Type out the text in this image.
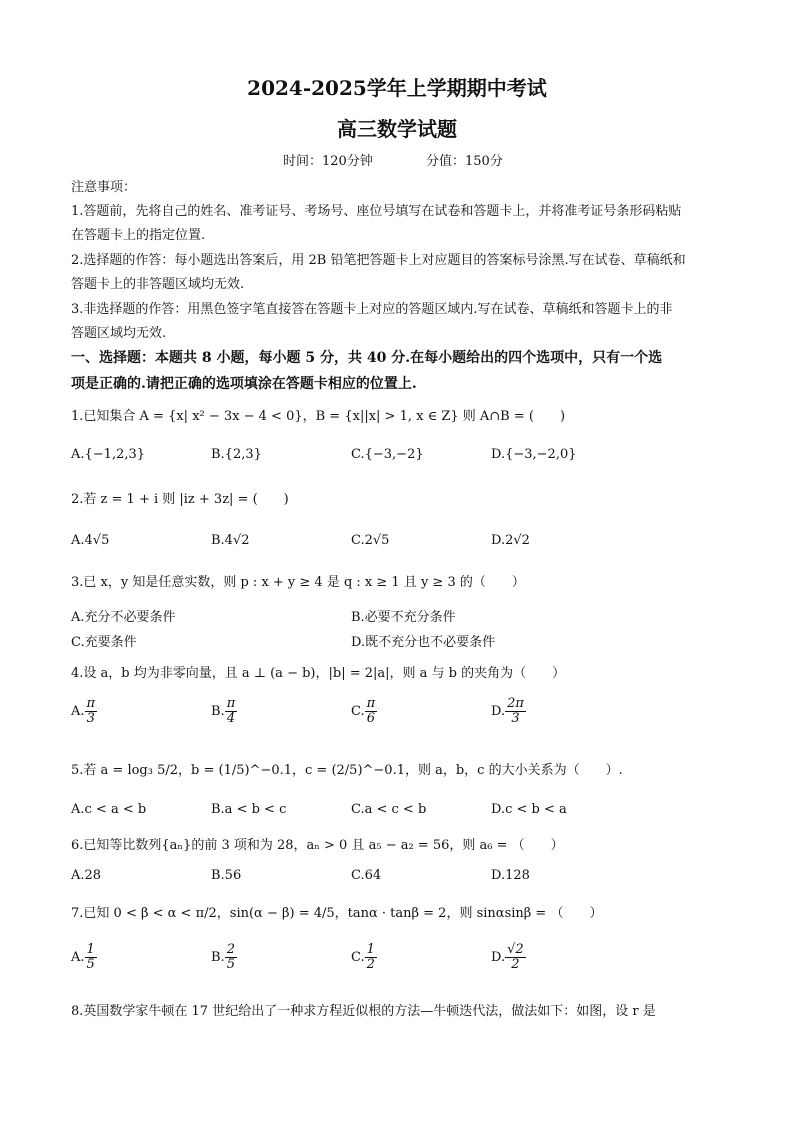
2024-2025学年上学期期中考试
高三数学试题
时间：120分钟	分值：150分
注意事项：
1.答题前，先将自己的姓名、准考证号、考场号、座位号填写在试卷和答题卡上，并将准考证号条形码粘贴
在答题卡上的指定位置.
2.选择题的作答：每小题选出答案后，用 2B 铅笔把答题卡上对应题目的答案标号涂黑.写在试卷、草稿纸和
答题卡上的非答题区域均无效.
3.非选择题的作答：用黑色签字笔直接答在答题卡上对应的答题区域内.写在试卷、草稿纸和答题卡上的非
答题区域均无效.
一、选择题：本题共 8 小题，每小题 5 分，共 40 分.在每小题给出的四个选项中，只有一个选
项是正确的.请把正确的选项填涂在答题卡相应的位置上.
1.已知集合 A = {x| x² − 3x − 4 < 0}，B = {x||x| > 1, x ∈ Z} 则 A∩B = (　　)
A.{−1,2,3}	B.{2,3}	C.{−3,−2}	D.{−3,−2,0}
2.若 z = 1 + i 则 |iz + 3z| = (　　)
A.4√5	B.4√2	C.2√5	D.2√2
3.已 x，y 知是任意实数，则 p : x + y ≥ 4 是 q : x ≥ 1 且 y ≥ 3 的（　　）
A.充分不必要条件	B.必要不充分条件
C.充要条件	D.既不充分也不必要条件
4.设 a，b 均为非零向量，且 a ⊥ (a − b)，|b| = 2|a|，则 a 与 b 的夹角为（　　）
A. $\frac{\pi}{3}$	B. $\frac{\pi}{4}$	C. $\frac{\pi}{6}$	D. $\frac{2\pi}{3}$
5.若 a = log₃ 5/2，b = (1/5)^−0.1，c = (2/5)^−0.1，则 a，b，c 的大小关系为（　　）.
A.c < a < b	B.a < b < c	C.a < c < b	D.c < b < a
6.已知等比数列{aₙ}的前 3 项和为 28，aₙ > 0 且 a₅ − a₂ = 56，则 a₆ = （　　）
A.28	B.56	C.64	D.128
7.已知 0 < β < α < π/2，sin(α − β) = 4/5，tanα · tanβ = 2，则 sinαsinβ = （　　）
A. $\frac{1}{5}$	B. $\frac{2}{5}$	C. $\frac{1}{2}$	D. $\frac{√2}{2}$
8.英国数学家牛顿在 17 世纪给出了一种求方程近似根的方法—牛顿迭代法，做法如下：如图，设 r 是
